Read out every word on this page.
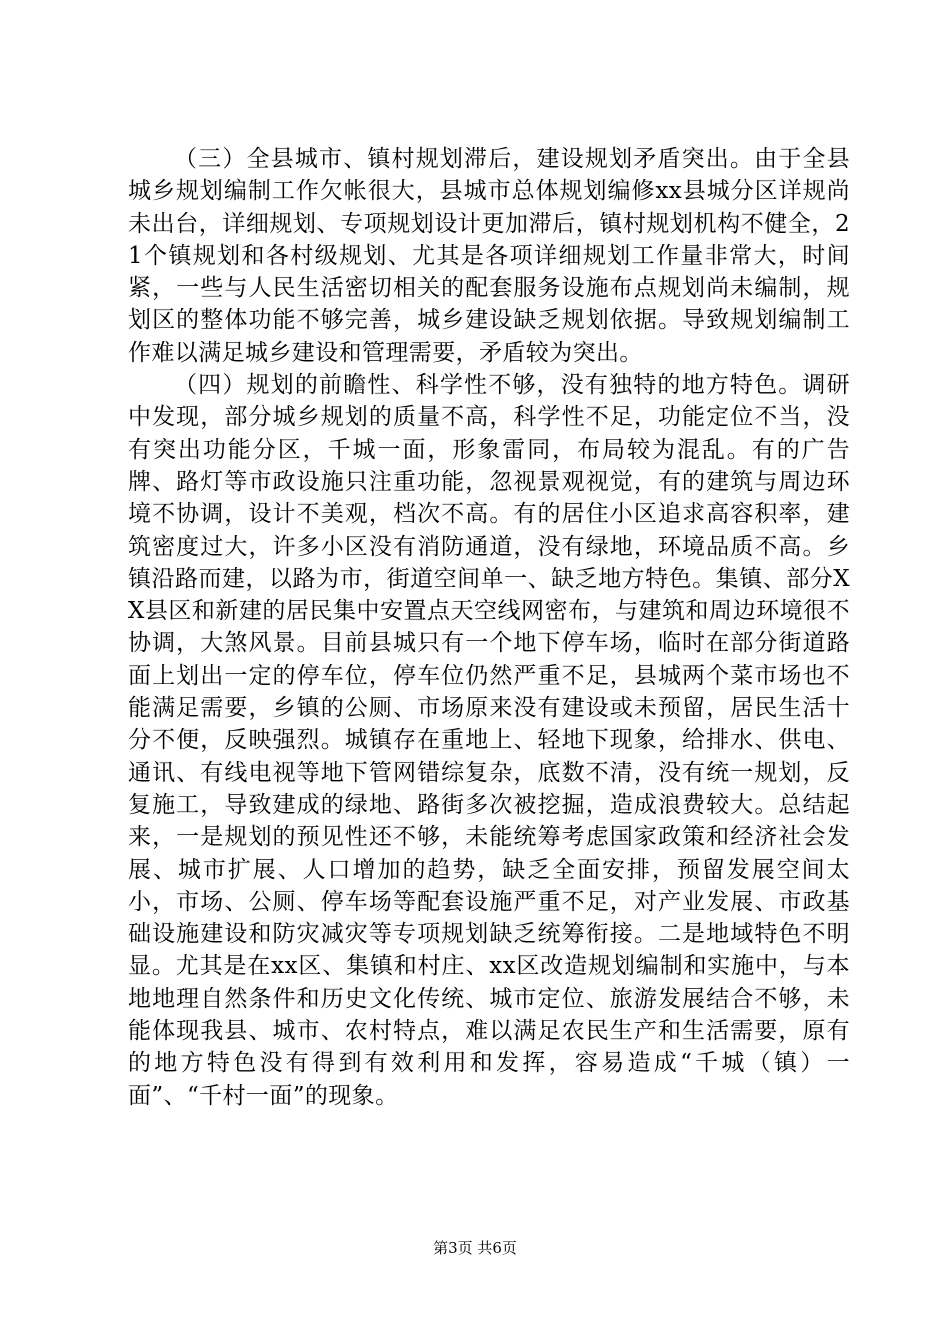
（三）全县城市、镇村规划滞后，建设规划矛盾突出。由于全县城乡规划编制工作欠帐很大，县城市总体规划编修xx县城分区详规尚未出台，详细规划、专项规划设计更加滞后，镇村规划机构不健全，21个镇规划和各村级规划、尤其是各项详细规划工作量非常大，时间紧，一些与人民生活密切相关的配套服务设施布点规划尚未编制，规划区的整体功能不够完善，城乡建设缺乏规划依据。导致规划编制工作难以满足城乡建设和管理需要，矛盾较为突出。

（四）规划的前瞻性、科学性不够，没有独特的地方特色。调研中发现，部分城乡规划的质量不高，科学性不足，功能定位不当，没有突出功能分区，千城一面，形象雷同，布局较为混乱。有的广告牌、路灯等市政设施只注重功能，忽视景观视觉，有的建筑与周边环境不协调，设计不美观，档次不高。有的居住小区追求高容积率，建筑密度过大，许多小区没有消防通道，没有绿地，环境品质不高。乡镇沿路而建，以路为市，街道空间单一、缺乏地方特色。集镇、部分XX县区和新建的居民集中安置点天空线网密布，与建筑和周边环境很不协调，大煞风景。目前县城只有一个地下停车场，临时在部分街道路面上划出一定的停车位，停车位仍然严重不足，县城两个菜市场也不能满足需要，乡镇的公厕、市场原来没有建设或未预留，居民生活十分不便，反映强烈。城镇存在重地上、轻地下现象，给排水、供电、通讯、有线电视等地下管网错综复杂，底数不清，没有统一规划，反复施工，导致建成的绿地、路街多次被挖掘，造成浪费较大。总结起来，一是规划的预见性还不够，未能统筹考虑国家政策和经济社会发展、城市扩展、人口增加的趋势，缺乏全面安排，预留发展空间太小，市场、公厕、停车场等配套设施严重不足，对产业发展、市政基础设施建设和防灾减灾等专项规划缺乏统筹衔接。二是地域特色不明显。尤其是在xx区、集镇和村庄、xx区改造规划编制和实施中，与本地地理自然条件和历史文化传统、城市定位、旅游发展结合不够，未能体现我县、城市、农村特点，难以满足农民生产和生活需要，原有的地方特色没有得到有效利用和发挥，容易造成“千城（镇）一面”、“千村一面”的现象。

第3页 共6页
